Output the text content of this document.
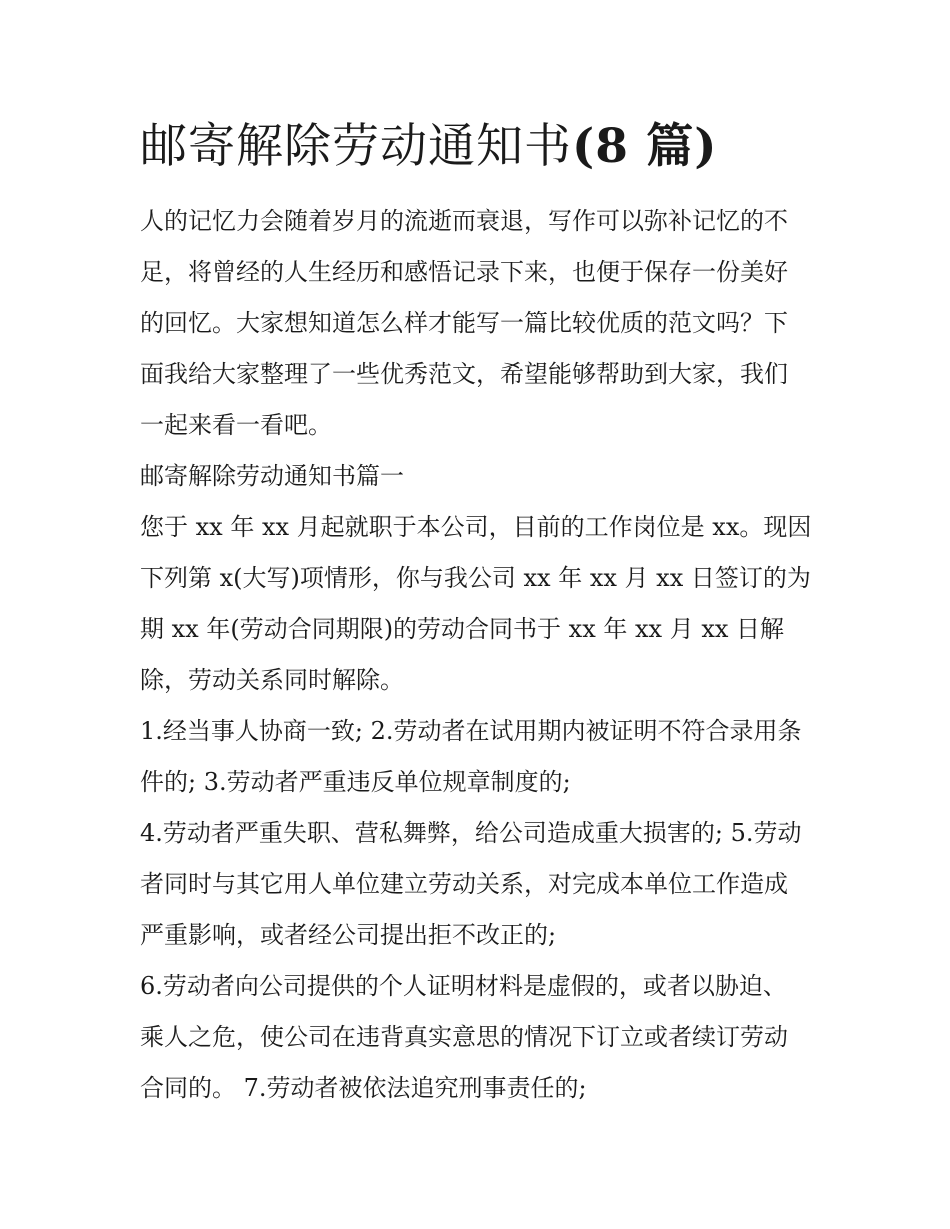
邮寄解除劳动通知书(8 篇)

人的记忆力会随着岁月的流逝而衰退，写作可以弥补记忆的不
足，将曾经的人生经历和感悟记录下来，也便于保存一份美好
的回忆。大家想知道怎么样才能写一篇比较优质的范文吗？下
面我给大家整理了一些优秀范文，希望能够帮助到大家，我们
一起来看一看吧。

邮寄解除劳动通知书篇一

您于 xx 年 xx 月起就职于本公司，目前的工作岗位是 xx。现因
下列第 x(大写)项情形，你与我公司 xx 年 xx 月 xx 日签订的为
期 xx 年(劳动合同期限)的劳动合同书于 xx 年 xx 月 xx 日解
除，劳动关系同时解除。

1.经当事人协商一致; 2.劳动者在试用期内被证明不符合录用条
件的; 3.劳动者严重违反单位规章制度的;

4.劳动者严重失职、营私舞弊，给公司造成重大损害的; 5.劳动
者同时与其它用人单位建立劳动关系，对完成本单位工作造成
严重影响，或者经公司提出拒不改正的;

6.劳动者向公司提供的个人证明材料是虚假的，或者以胁迫、
乘人之危，使公司在违背真实意思的情况下订立或者续订劳动
合同的。 7.劳动者被依法追究刑事责任的;
